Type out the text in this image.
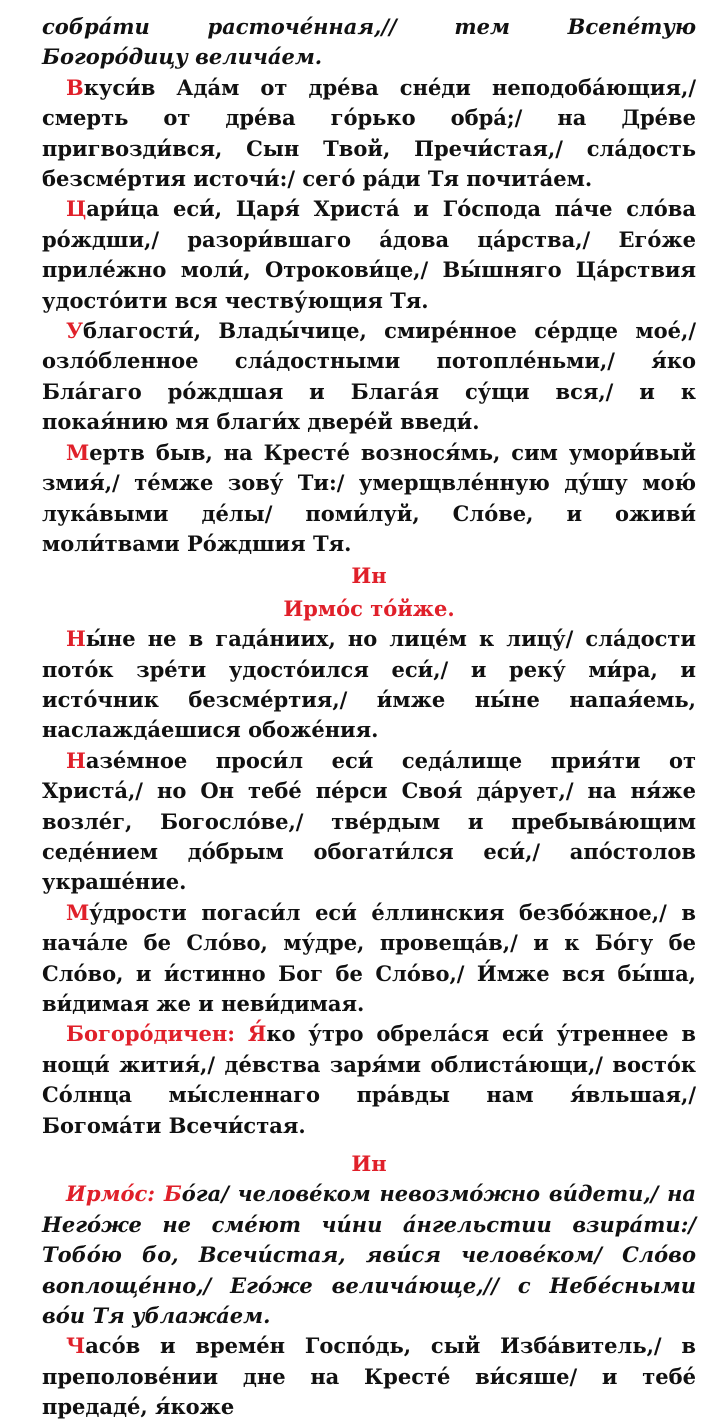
собра́ти расточе́нная,// тем Всепе́тую Богоро́дицу велича́ем.

Вкуси́в Ада́м от дре́ва сне́ди неподоба́ющия,/ смерть от дре́ва го́рько обра́;/ на Дре́ве пригвозди́вся, Сын Твой, Пречи́стая,/ сла́дость безсме́ртия источи́:/ сего́ ра́ди Тя почита́ем.

Цари́ца еси́, Царя́ Христа́ и Го́спода па́че сло́ва ро́ждши,/ разори́вшаго а́дова ца́рства,/ Его́же приле́жно моли́, Отрокови́це,/ Вы́шняго Ца́рствия удосто́ити вся честву́ющия Тя.

Ублагости́, Влады́чице, смире́нное се́рдце мое́,/ озло́бленное сла́достными потопле́ньми,/ я́ко Бла́гаго ро́ждшая и Блага́я су́щи вся,/ и к покая́нию мя благи́х двере́й введи́.

Мертв быв, на Кресте́ вознося́мь, сим умори́вый змия́,/ те́мже зову́ Ти:/ умерщвле́нную ду́шу мою́ лука́выми де́лы/ поми́луй, Сло́ве, и оживи́ моли́твами Ро́ждшия Тя.

Ин

Ирмо́с то́йже.

Ны́не не в гада́ниих, но лице́м к лицу́/ сла́дости пото́к зре́ти удосто́ился еси́,/ и реку́ ми́ра, и исто́чник безсме́ртия,/ и́мже ны́не напая́емь, наслажда́ешися обоже́ния.

Назе́мное проси́л еси́ седа́лище прия́ти от Христа́,/ но Он тебе́ пе́рси Своя́ да́рует,/ на ня́же возле́г, Богосло́ве,/ тве́рдым и пребыва́ющим седе́нием до́брым обогати́лся еси́,/ апо́столов украше́ние.

Му́дрости погаси́л еси́ е́ллинския безбо́жное,/ в нача́ле бе Сло́во, му́дре, провеща́в,/ и к Бо́гу бе Сло́во, и и́стинно Бог бе Сло́во,/ И́мже вся бы́ша, ви́димая же и неви́димая.

Богоро́дичен: Я́ко у́тро обрела́ся еси́ у́треннее в нощи́ жития́,/ де́вства заря́ми облиста́ющи,/ восто́к Со́лнца мы́сленнаго пра́вды нам я́вльшая,/ Богома́ти Всечи́стая.

Ин

Ирмо́с: Бо́га/ челове́ком невозмо́жно ви́дети,/ на Него́же не сме́ют чи́ни а́нгельстии взира́ти:/ Тобо́ю бо, Всечи́стая, яви́ся челове́ком/ Сло́во воплоще́нно,/ Его́же велича́юще,// с Небе́сными во́и Тя ублажа́ем.

Часо́в и време́н Госпо́дь, сый Изба́витель,/ в преполове́нии дне на Кресте́ ви́сяше/ и тебе́ предаде́, я́коже
